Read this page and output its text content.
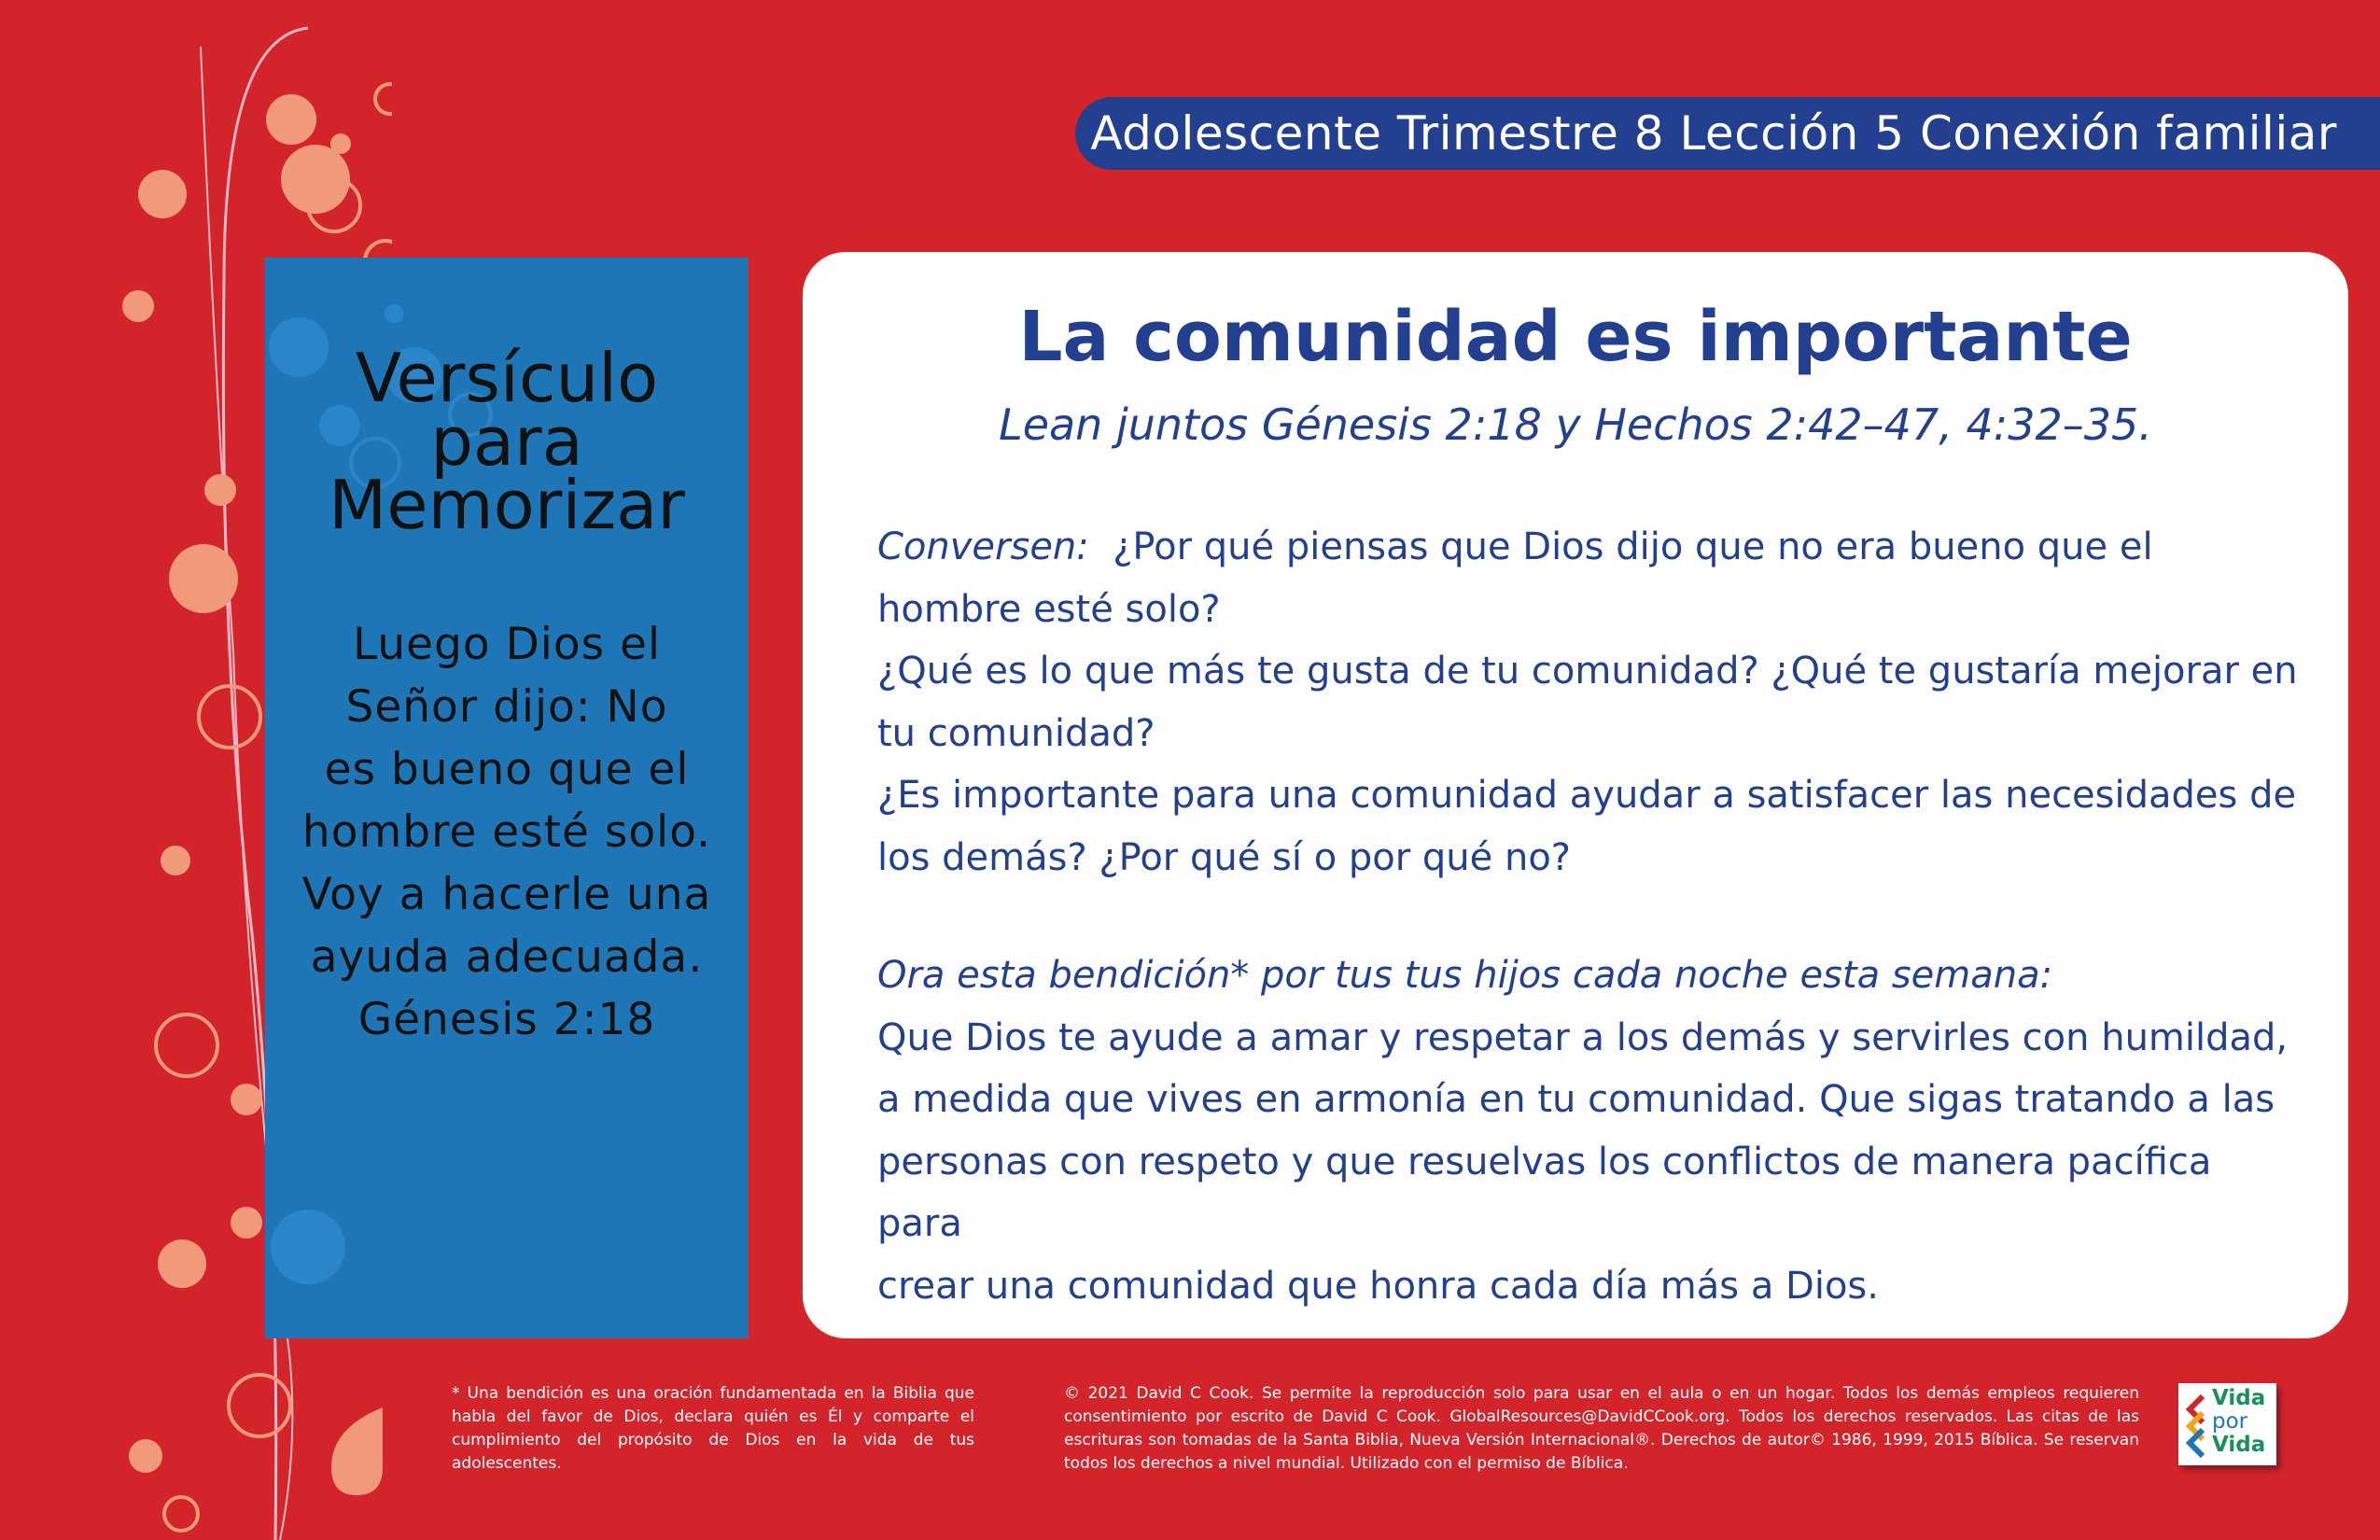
Adolescente Trimestre 8 Lección 5 Conexión familiar
Versículo
para
Memorizar
Luego Dios el
Señor dijo: No
es bueno que el
hombre esté solo.
Voy a hacerle una
ayuda adecuada.
Génesis 2:18
La comunidad es importante

Lean juntos Génesis 2:18 y Hechos 2:42–47, 4:32–35.

Conversen: ¿Por qué piensas que Dios dijo que no era bueno que el hombre esté solo?

¿Qué es lo que más te gusta de tu comunidad? ¿Qué te gustaría mejorar en tu comunidad?

¿Es importante para una comunidad ayudar a satisfacer las necesidades de los demás? ¿Por qué sí o por qué no?

Ora esta bendición* por tus tus hijos cada noche esta semana:

Que Dios te ayude a amar y respetar a los demás y servirles con humildad,

a medida que vives en armonía en tu comunidad. Que sigas tratando a las

personas con respeto y que resuelvas los conflictos de manera pacífica para

crear una comunidad que honra cada día más a Dios.

* Una bendición es una oración fundamentada en la Biblia que habla del favor de Dios, declara quién es Él y comparte el cumplimiento del propósito de Dios en la vida de tus adolescentes.
© 2021 David C Cook. Se permite la reproducción solo para usar en el aula o en un hogar. Todos los demás empleos requieren consentimiento por escrito de David C Cook. GlobalResources@DavidCCook.org. Todos los derechos reservados. Las citas de las escrituras son tomadas de la Santa Biblia, Nueva Versión Internacional®. Derechos de autor© 1986, 1999, 2015 Bíblica. Se reservan todos los derechos a nivel mundial. Utilizado con el permiso de Bíblica.
Vida
por
Vida
